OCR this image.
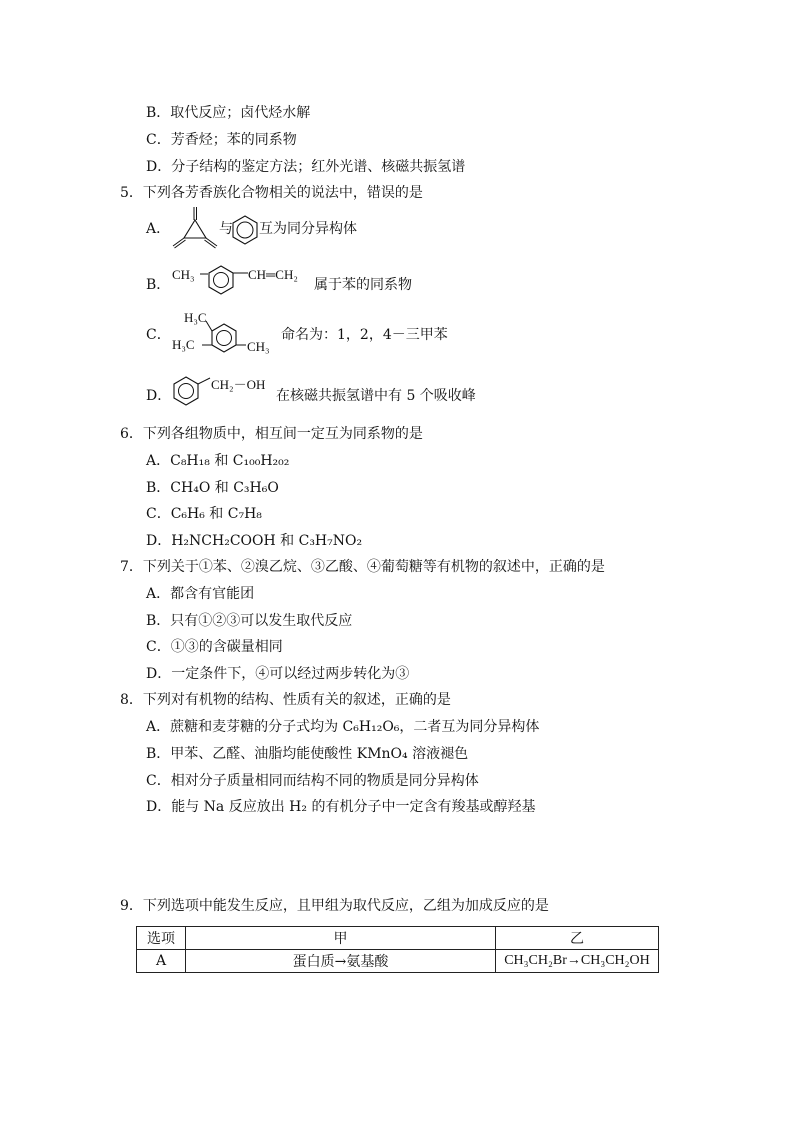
B．取代反应；卤代烃水解
C．芳香烃；苯的同系物
D．分子结构的鉴定方法；红外光谱、核磁共振氢谱
5．下列各芳香族化合物相关的说法中，错误的是
A．	与 互为同分异构体
B．
CH₃	CH═CH₂
属于苯的同系物
C．
H₃C
H₃C	CH₃
命名为：1，2，4－三甲苯
D．
CH₂－OH
在核磁共振氢谱中有 5 个吸收峰
6．下列各组物质中，相互间一定互为同系物的是
A．C₈H₁₈ 和 C₁₀₀H₂₀₂
B．CH₄O 和 C₃H₆O
C．C₆H₆ 和 C₇H₈
D．H₂NCH₂COOH 和 C₃H₇NO₂
7．下列关于①苯、②溴乙烷、③乙酸、④葡萄糖等有机物的叙述中，正确的是
A．都含有官能团
B．只有①②③可以发生取代反应
C．①③的含碳量相同
D．一定条件下，④可以经过两步转化为③
8．下列对有机物的结构、性质有关的叙述，正确的是
A．蔗糖和麦芽糖的分子式均为 C₆H₁₂O₆，二者互为同分异构体
B．甲苯、乙醛、油脂均能使酸性 KMnO₄ 溶液褪色
C．相对分子质量相同而结构不同的物质是同分异构体
D．能与 Na 反应放出 H₂ 的有机分子中一定含有羧基或醇羟基
9．下列选项中能发生反应，且甲组为取代反应，乙组为加成反应的是
选项	甲	乙
A	蛋白质→氨基酸	CH₃CH₂Br→CH₃CH₂OH
